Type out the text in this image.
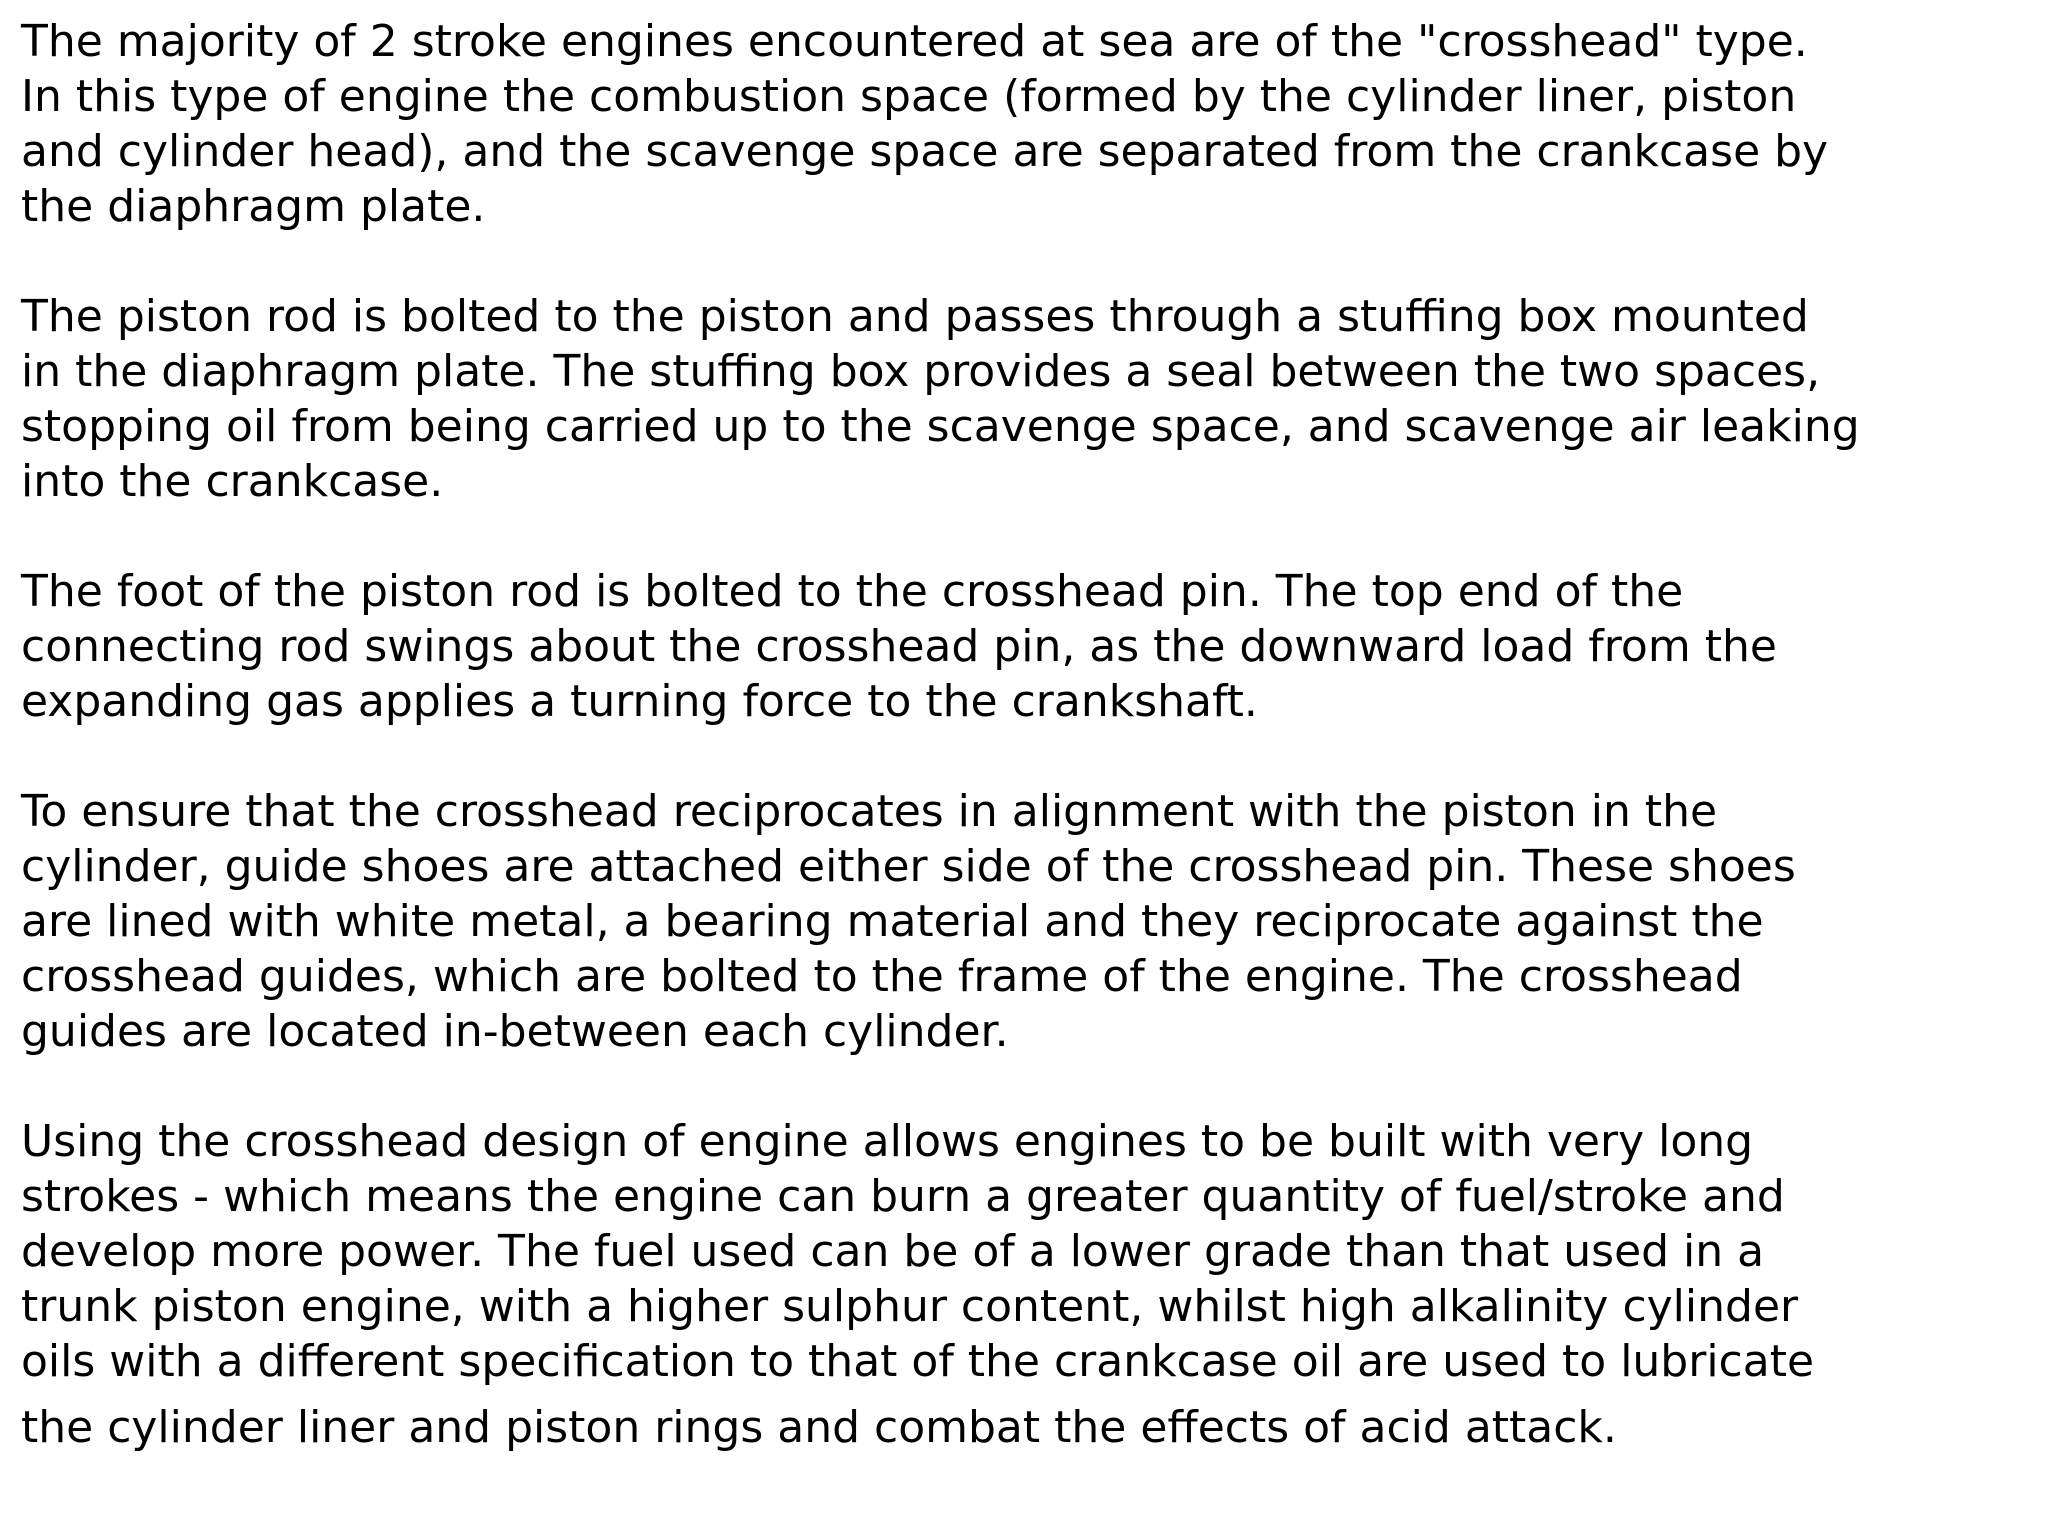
The majority of 2 stroke engines encountered at sea are of the "crosshead" type.
In this type of engine the combustion space (formed by the cylinder liner, piston
and cylinder head), and the scavenge space are separated from the crankcase by
the diaphragm plate.

The piston rod is bolted to the piston and passes through a stuffing box mounted
in the diaphragm plate. The stuffing box provides a seal between the two spaces,
stopping oil from being carried up to the scavenge space, and scavenge air leaking
into the crankcase.

The foot of the piston rod is bolted to the crosshead pin. The top end of the
connecting rod swings about the crosshead pin, as the downward load from the
expanding gas applies a turning force to the crankshaft.

To ensure that the crosshead reciprocates in alignment with the piston in the
cylinder, guide shoes are attached either side of the crosshead pin. These shoes
are lined with white metal, a bearing material and they reciprocate against the
crosshead guides, which are bolted to the frame of the engine. The crosshead
guides are located in-between each cylinder.

Using the crosshead design of engine allows engines to be built with very long
strokes - which means the engine can burn a greater quantity of fuel/stroke and
develop more power. The fuel used can be of a lower grade than that used in a
trunk piston engine, with a higher sulphur content, whilst high alkalinity cylinder
oils with a different specification to that of the crankcase oil are used to lubricate
the cylinder liner and piston rings and combat the effects of acid attack.
